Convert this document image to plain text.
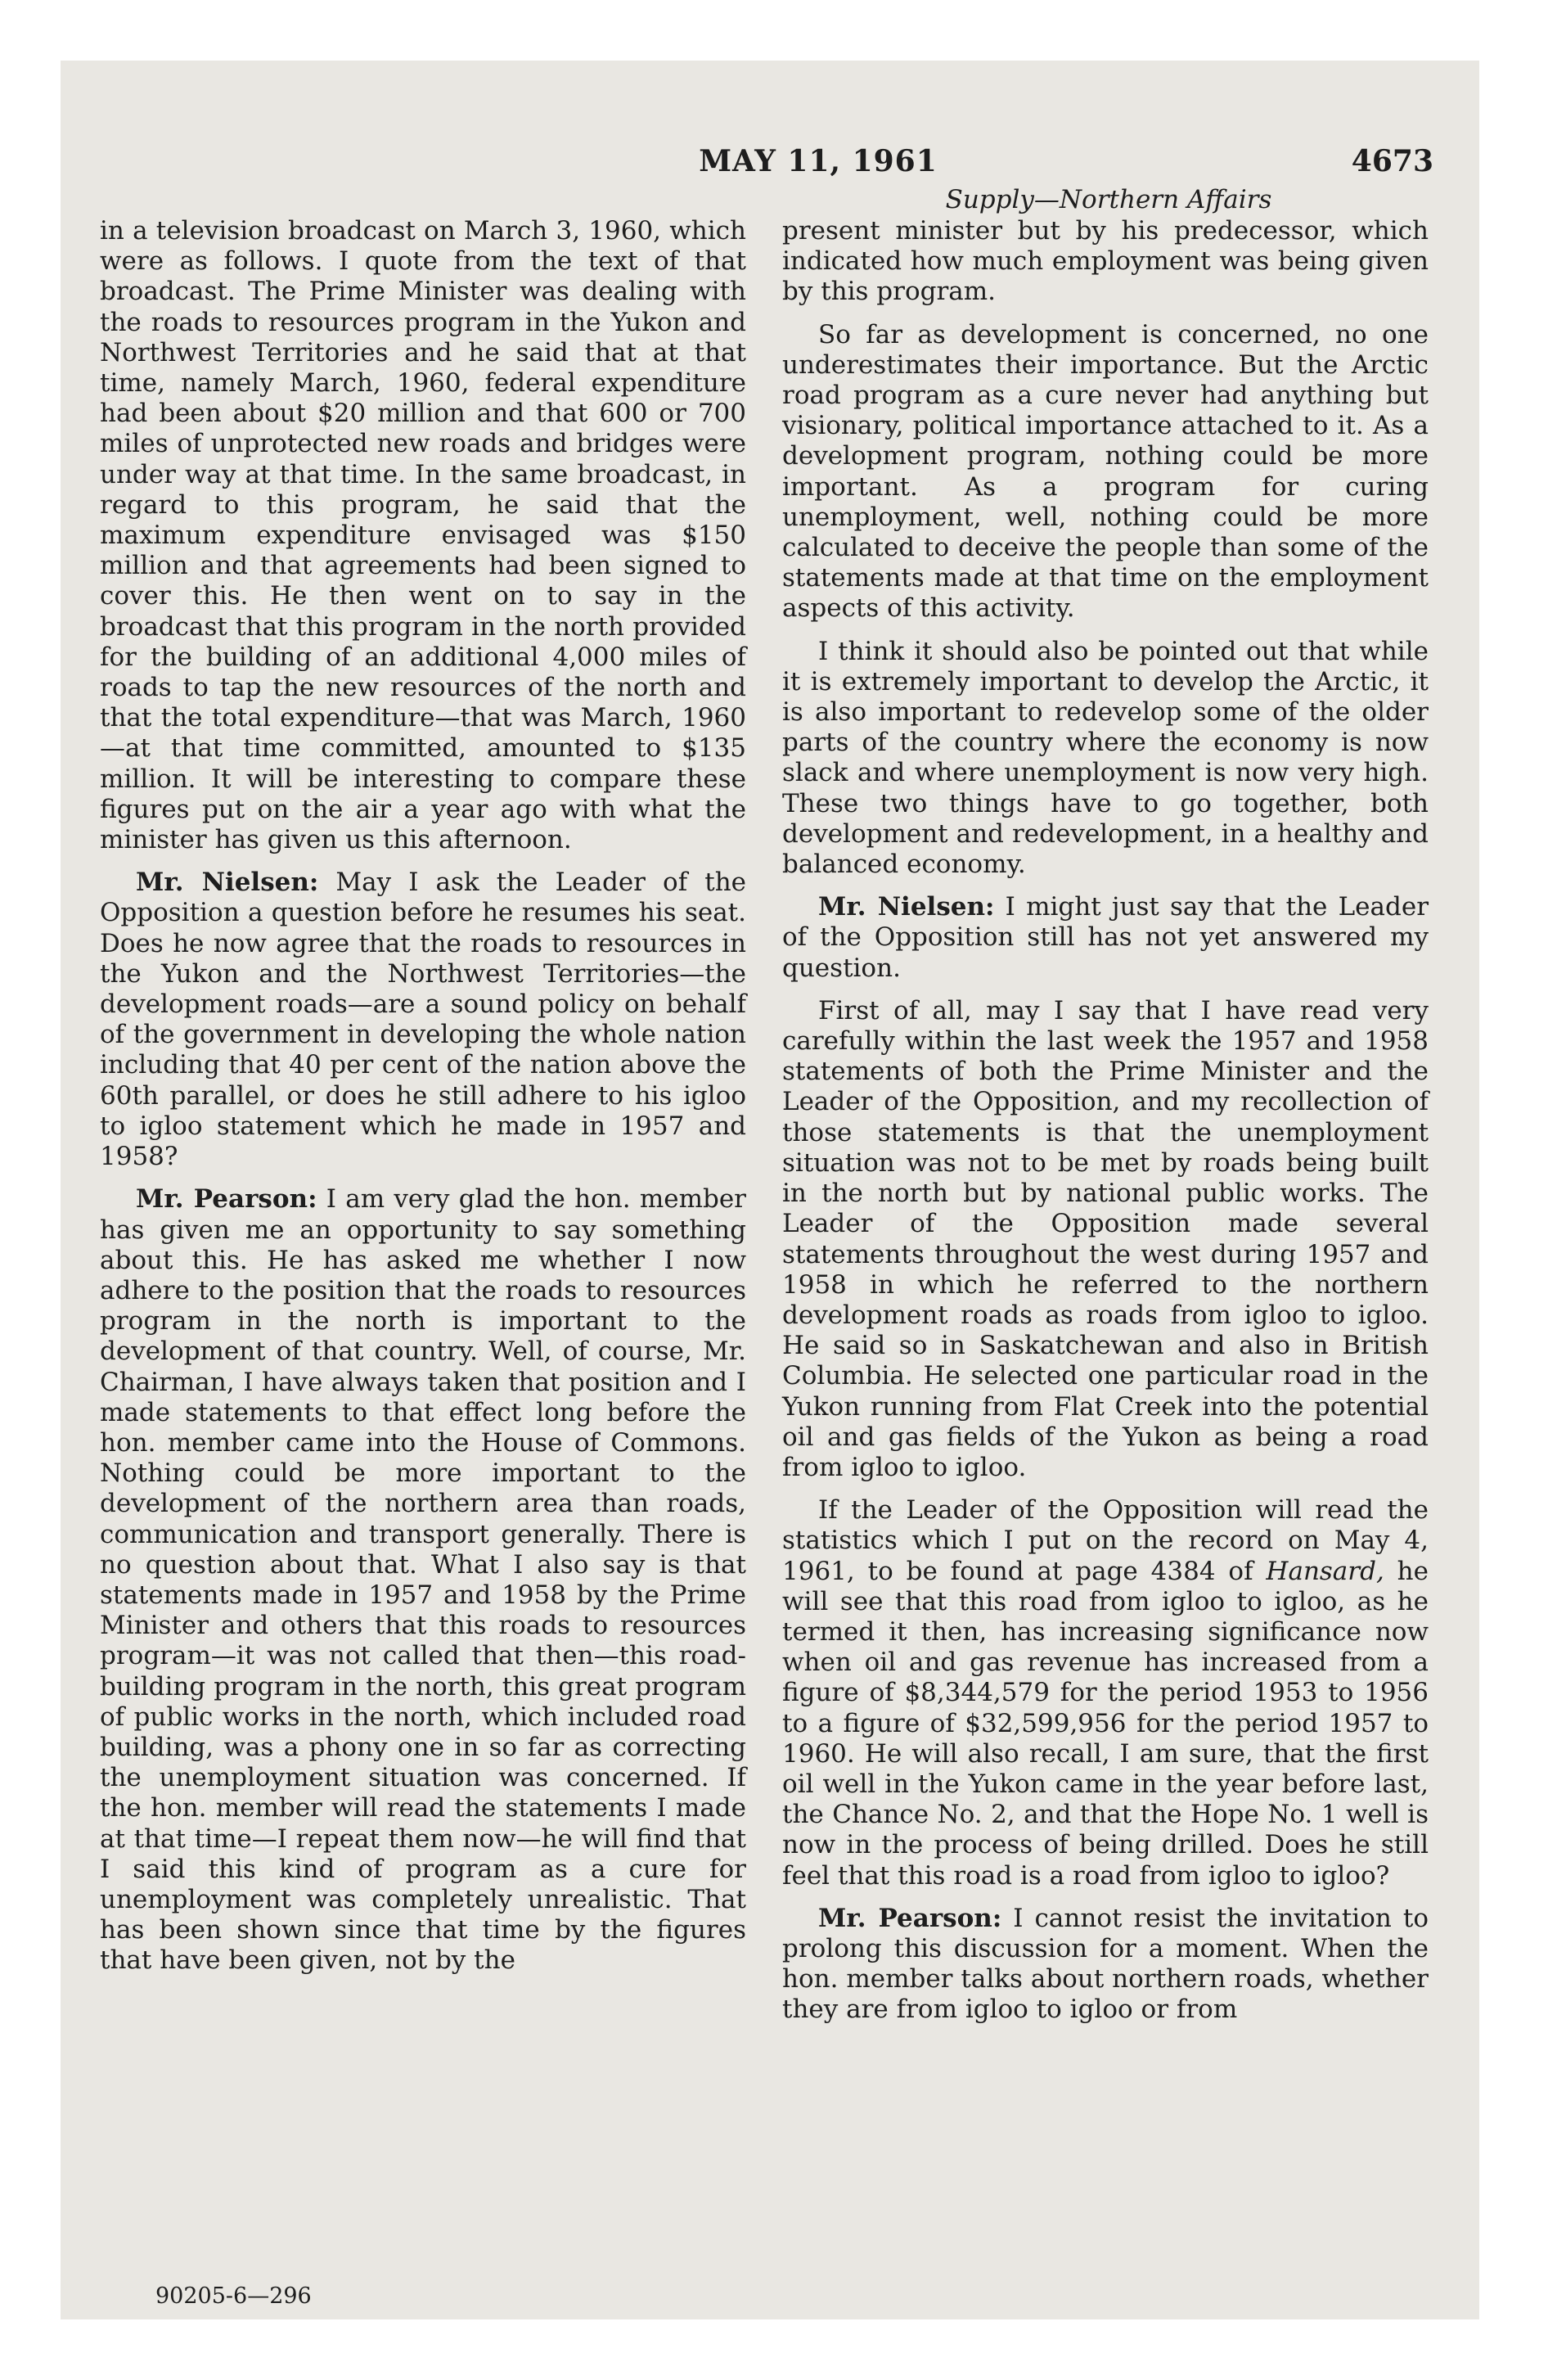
MAY 11, 1961	4673
Supply—Northern Affairs

in a television broadcast on March 3, 1960, which were as follows. I quote from the text of that broadcast. The Prime Minister was dealing with the roads to resources program in the Yukon and Northwest Territories and he said that at that time, namely March, 1960, federal expenditure had been about $20 million and that 600 or 700 miles of unprotected new roads and bridges were under way at that time. In the same broadcast, in regard to this program, he said that the maximum expenditure envisaged was $150 million and that agreements had been signed to cover this. He then went on to say in the broadcast that this program in the north provided for the building of an additional 4,000 miles of roads to tap the new resources of the north and that the total expenditure—that was March, 1960—at that time committed, amounted to $135 million. It will be interesting to compare these figures put on the air a year ago with what the minister has given us this afternoon.

Mr. Nielsen: May I ask the Leader of the Opposition a question before he resumes his seat. Does he now agree that the roads to resources in the Yukon and the Northwest Territories—the development roads—are a sound policy on behalf of the government in developing the whole nation including that 40 per cent of the nation above the 60th parallel, or does he still adhere to his igloo to igloo statement which he made in 1957 and 1958?

Mr. Pearson: I am very glad the hon. member has given me an opportunity to say something about this. He has asked me whether I now adhere to the position that the roads to resources program in the north is important to the development of that country. Well, of course, Mr. Chairman, I have always taken that position and I made statements to that effect long before the hon. member came into the House of Commons. Nothing could be more important to the development of the northern area than roads, communication and transport generally. There is no question about that. What I also say is that statements made in 1957 and 1958 by the Prime Minister and others that this roads to resources program—it was not called that then—this road-building program in the north, this great program of public works in the north, which included road building, was a phony one in so far as correcting the unemployment situation was concerned. If the hon. member will read the statements I made at that time—I repeat them now—he will find that I said this kind of program as a cure for unemployment was completely unrealistic. That has been shown since that time by the figures that have been given, not by the

present minister but by his predecessor, which indicated how much employment was being given by this program.

So far as development is concerned, no one underestimates their importance. But the Arctic road program as a cure never had anything but visionary, political importance attached to it. As a development program, nothing could be more important. As a program for curing unemployment, well, nothing could be more calculated to deceive the people than some of the statements made at that time on the employment aspects of this activity.

I think it should also be pointed out that while it is extremely important to develop the Arctic, it is also important to redevelop some of the older parts of the country where the economy is now slack and where unemployment is now very high. These two things have to go together, both development and redevelopment, in a healthy and balanced economy.

Mr. Nielsen: I might just say that the Leader of the Opposition still has not yet answered my question.

First of all, may I say that I have read very carefully within the last week the 1957 and 1958 statements of both the Prime Minister and the Leader of the Opposition, and my recollection of those statements is that the unemployment situation was not to be met by roads being built in the north but by national public works. The Leader of the Opposition made several statements throughout the west during 1957 and 1958 in which he referred to the northern development roads as roads from igloo to igloo. He said so in Saskatchewan and also in British Columbia. He selected one particular road in the Yukon running from Flat Creek into the potential oil and gas fields of the Yukon as being a road from igloo to igloo.

If the Leader of the Opposition will read the statistics which I put on the record on May 4, 1961, to be found at page 4384 of Hansard, he will see that this road from igloo to igloo, as he termed it then, has increasing significance now when oil and gas revenue has increased from a figure of $8,344,579 for the period 1953 to 1956 to a figure of $32,599,956 for the period 1957 to 1960. He will also recall, I am sure, that the first oil well in the Yukon came in the year before last, the Chance No. 2, and that the Hope No. 1 well is now in the process of being drilled. Does he still feel that this road is a road from igloo to igloo?

Mr. Pearson: I cannot resist the invitation to prolong this discussion for a moment. When the hon. member talks about northern roads, whether they are from igloo to igloo or from

90205-6—296
